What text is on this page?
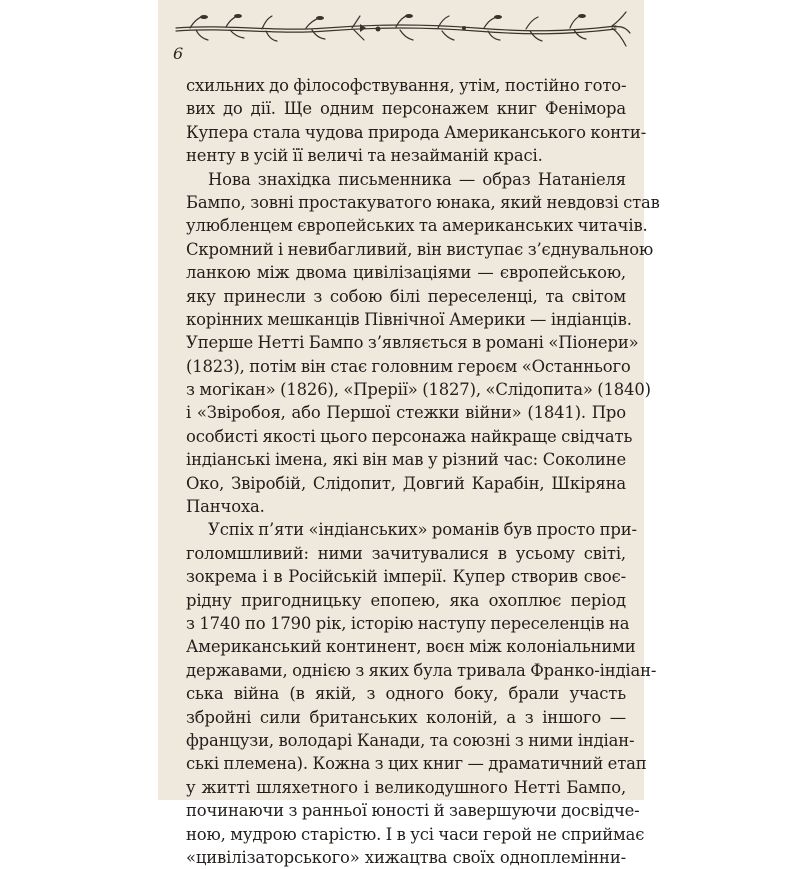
6
схильних до філософствування, утім, постійно гото-
вих до дії. Ще одним персонажем книг Фенімора
Купера стала чудова природа Американського конти-
ненту в усій її величі та незайманій красі.
Нова знахідка письменника — образ Натаніеля
Бампо, зовні простакуватого юнака, який невдовзі став
улюбленцем європейських та американських читачів.
Скромний і невибагливий, він виступає з’єднувальною
ланкою між двома цивілізаціями — європейською,
яку принесли з собою білі переселенці, та світом
корінних мешканців Північної Америки — індіанців.
Уперше Нетті Бампо з’являється в романі «Піонери»
(1823), потім він стає головним героєм «Останнього
з могікан» (1826), «Прерії» (1827), «Слідопита» (1840)
і «Звіробоя, або Першої стежки війни» (1841). Про
особисті якості цього персонажа найкраще свідчать
індіанські імена, які він мав у різний час: Соколине
Око, Звіробій, Слідопит, Довгий Карабін, Шкіряна
Панчоха.
Успіх п’яти «індіанських» романів був просто при-
голомшливий: ними зачитувалися в усьому світі,
зокрема і в Російській імперії. Купер створив своє-
рідну пригодницьку епопею, яка охоплює період
з 1740 по 1790 рік, історію наступу переселенців на
Американський континент, воєн між колоніальними
державами, однією з яких була тривала Франко-індіан-
ська війна (в якій, з одного боку, брали участь
збройні сили британських колоній, а з іншого —
французи, володарі Канади, та союзні з ними індіан-
ські племена). Кожна з цих книг — драматичний етап
у житті шляхетного і великодушного Нетті Бампо,
починаючи з ранньої юності й завершуючи досвідче-
ною, мудрою старістю. І в усі часи герой не сприймає
«цивілізаторського» хижацтва своїх одноплемінни-
